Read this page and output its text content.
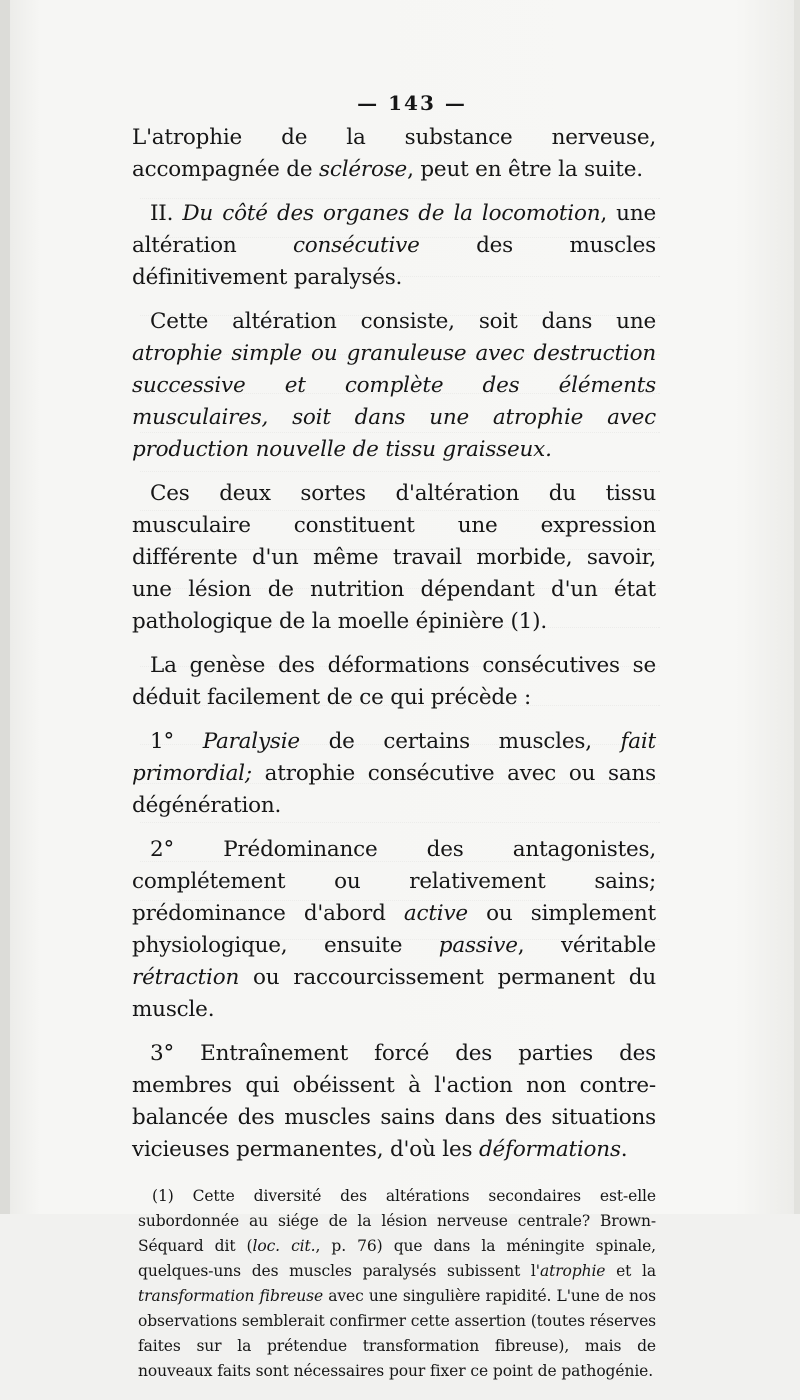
— 143 —

L'atrophie de la substance nerveuse, accompagnée de sclérose, peut en être la suite.

II. Du côté des organes de la locomotion, une altération consécutive des muscles définitivement paralysés.

Cette altération consiste, soit dans une atrophie simple ou granuleuse avec destruction successive et complète des éléments musculaires, soit dans une atrophie avec production nouvelle de tissu graisseux.

Ces deux sortes d'altération du tissu musculaire constituent une expression différente d'un même travail morbide, savoir, une lésion de nutrition dépendant d'un état pathologique de la moelle épinière (1).

La genèse des déformations consécutives se déduit facilement de ce qui précède :

1° Paralysie de certains muscles, fait primordial; atrophie consécutive avec ou sans dégénération.

2° Prédominance des antagonistes, complétement ou relativement sains; prédominance d'abord active ou simplement physiologique, ensuite passive, véritable rétraction ou raccourcissement permanent du muscle.

3° Entraînement forcé des parties des membres qui obéissent à l'action non contre-balancée des muscles sains dans des situations vicieuses permanentes, d'où les déformations.

(1) Cette diversité des altérations secondaires est-elle subordonnée au siége de la lésion nerveuse centrale? Brown-Séquard dit (loc. cit., p. 76) que dans la méningite spinale, quelques-uns des muscles paralysés subissent l'atrophie et la transformation fibreuse avec une singulière rapidité. L'une de nos observations semblerait confirmer cette assertion (toutes réserves faites sur la prétendue transformation fibreuse), mais de nouveaux faits sont nécessaires pour fixer ce point de pathogénie.
